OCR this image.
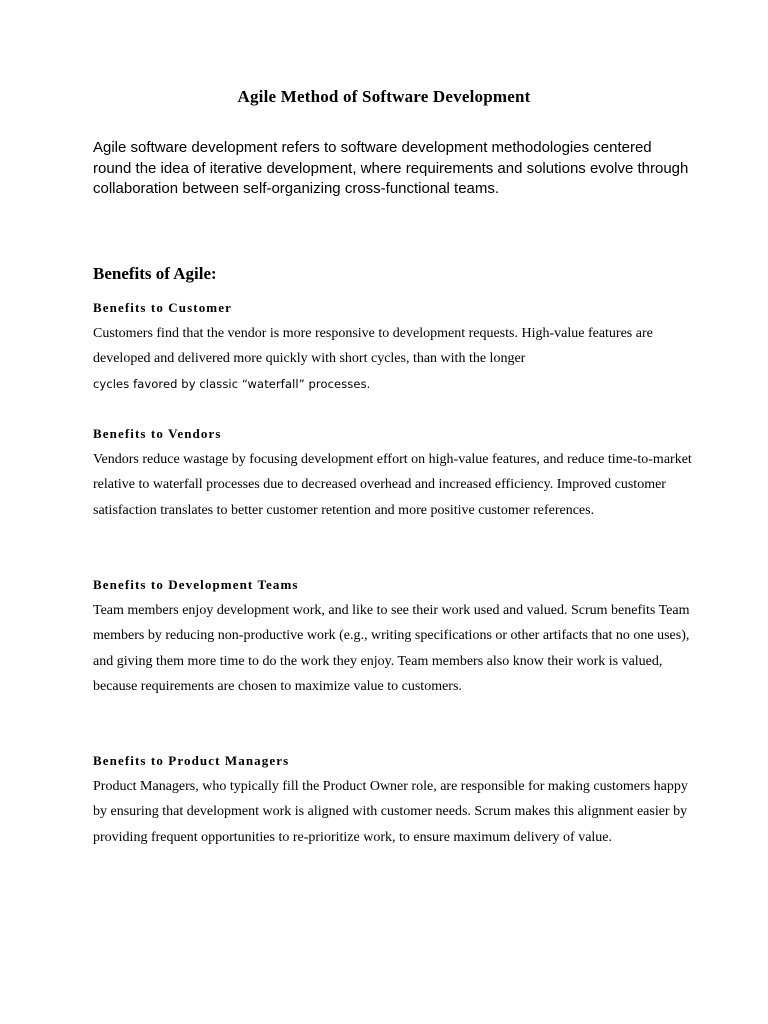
Agile Method of Software Development
Agile software development refers to software development methodologies centered round the idea of iterative development, where requirements and solutions evolve through collaboration between self-organizing cross-functional teams.
Benefits of Agile:
Benefits to Customer
Customers find that the vendor is more responsive to development requests. High-value features are developed and delivered more quickly with short cycles, than with the longer
cycles favored by classic “waterfall” processes.
Benefits to Vendors
Vendors reduce wastage by focusing development effort on high-value features, and reduce time-to-market relative to waterfall processes due to decreased overhead and increased efficiency. Improved customer satisfaction translates to better customer retention and more positive customer references.
Benefits to Development Teams
Team members enjoy development work, and like to see their work used and valued. Scrum benefits Team members by reducing non-productive work (e.g., writing specifications or other artifacts that no one uses), and giving them more time to do the work they enjoy. Team members also know their work is valued, because requirements are chosen to maximize value to customers.
Benefits to Product Managers
Product Managers, who typically fill the Product Owner role, are responsible for making customers happy by ensuring that development work is aligned with customer needs. Scrum makes this alignment easier by providing frequent opportunities to re-prioritize work, to ensure maximum delivery of value.
